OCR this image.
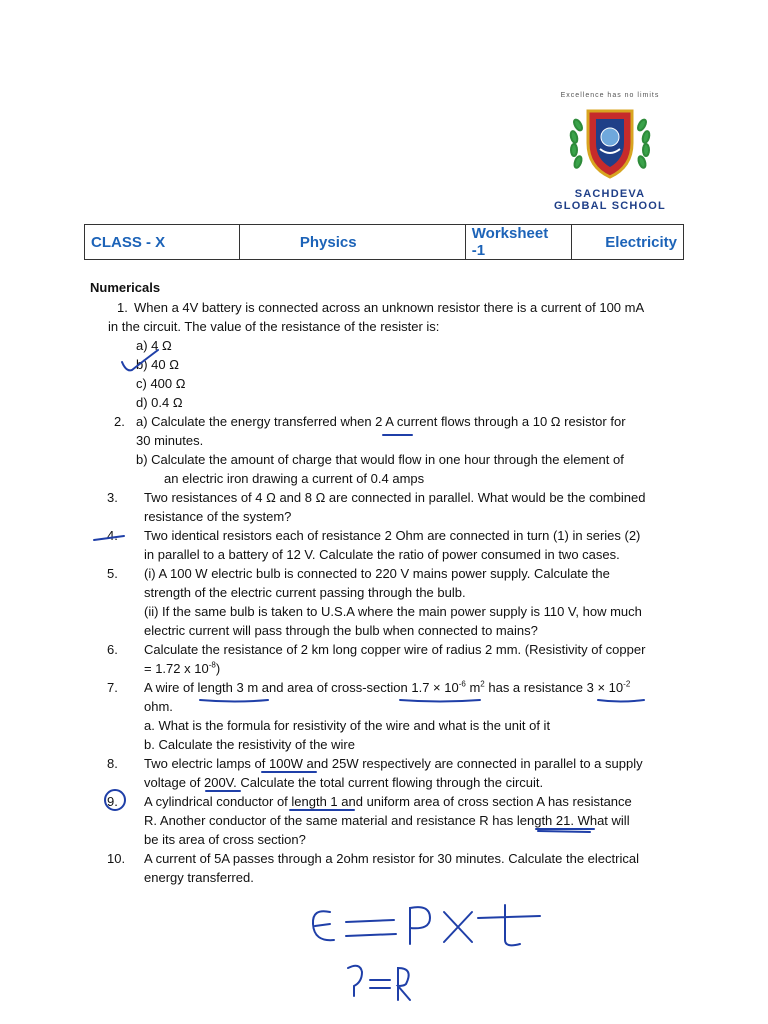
Excellence has no limits
SACHDEVA
GLOBAL SCHOOL
CLASS - X	Physics	Worksheet -1	Electricity
Numericals
1. When a 4V battery is connected across an unknown resistor there is a current of 100 mA
in the circuit. The value of the resistance of the resister is:
a) 4 Ω
b) 40 Ω
c) 400 Ω
d) 0.4 Ω
2. a) Calculate the energy transferred when 2 A current flows through a 10 Ω resistor for
30 minutes.
b) Calculate the amount of charge that would flow in one hour through the element of
an electric iron drawing a current of 0.4 amps
3. Two resistances of 4 Ω and 8 Ω are connected in parallel. What would be the combined
resistance of the system?
4. Two identical resistors each of resistance 2 Ohm are connected in turn (1) in series (2)
in parallel to a battery of 12 V. Calculate the ratio of power consumed in two cases.
5. (i) A 100 W electric bulb is connected to 220 V mains power supply. Calculate the
strength of the electric current passing through the bulb.
(ii) If the same bulb is taken to U.S.A where the main power supply is 110 V, how much
electric current will pass through the bulb when connected to mains?
6. Calculate the resistance of 2 km long copper wire of radius 2 mm. (Resistivity of copper
= 1.72 x $10^{-8}$)
7. A wire of length 3 m and area of cross-section $1.7 \times 10^{-6}$ $m^2$ has a resistance $3 \times 10^{-2}$
ohm.
a. What is the formula for resistivity of the wire and what is the unit of it
b. Calculate the resistivity of the wire
8. Two electric lamps of 100W and 25W respectively are connected in parallel to a supply
voltage of 200V. Calculate the total current flowing through the circuit.
9. A cylindrical conductor of length 1 and uniform area of cross section A has resistance
R. Another conductor of the same material and resistance R has length 21. What will
be its area of cross section?
10. A current of 5A passes through a 2ohm resistor for 30 minutes. Calculate the electrical
energy transferred.
